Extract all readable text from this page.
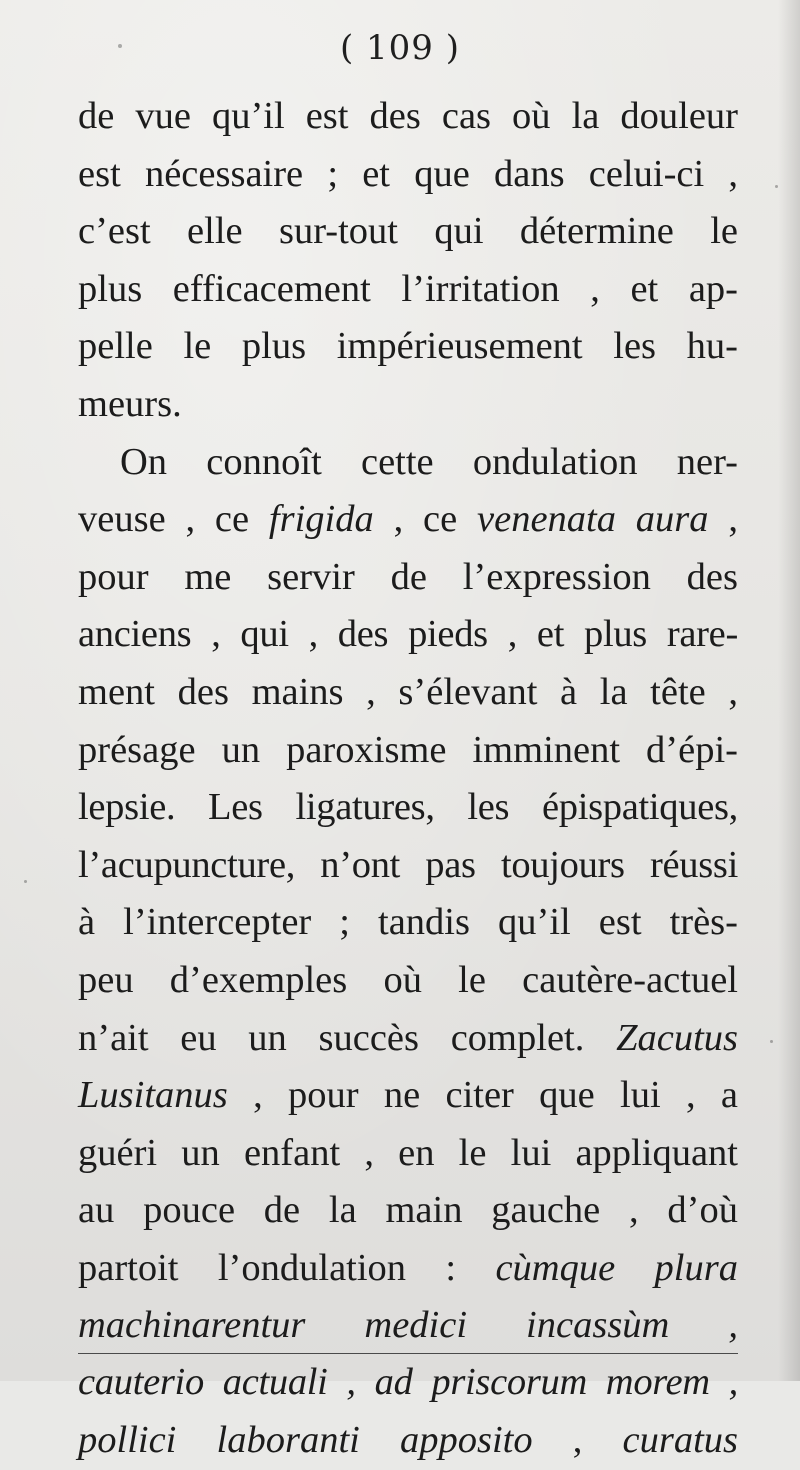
( 109 )
de vue qu’il est des cas où la douleur
est nécessaire ; et que dans celui-ci ,
c’est elle sur-tout qui détermine le
plus efficacement l’irritation , et ap-
pelle le plus impérieusement les hu-
meurs.
On connoît cette ondulation ner-
veuse , ce frigida , ce venenata aura ,
pour me servir de l’expression des
anciens , qui , des pieds , et plus rare-
ment des mains , s’élevant à la tête ,
présage un paroxisme imminent d’épi-
lepsie. Les ligatures, les épispatiques,
l’acupuncture, n’ont pas toujours réussi
à l’intercepter ; tandis qu’il est très-
peu d’exemples où le cautère-actuel
n’ait eu un succès complet. Zacutus
Lusitanus , pour ne citer que lui , a
guéri un enfant , en le lui appliquant
au pouce de la main gauche , d’où
partoit l’ondulation : cùmque plura
machinarentur medici incassùm ,
cauterio actuali , ad priscorum morem ,
pollici laboranti apposito , curatus
